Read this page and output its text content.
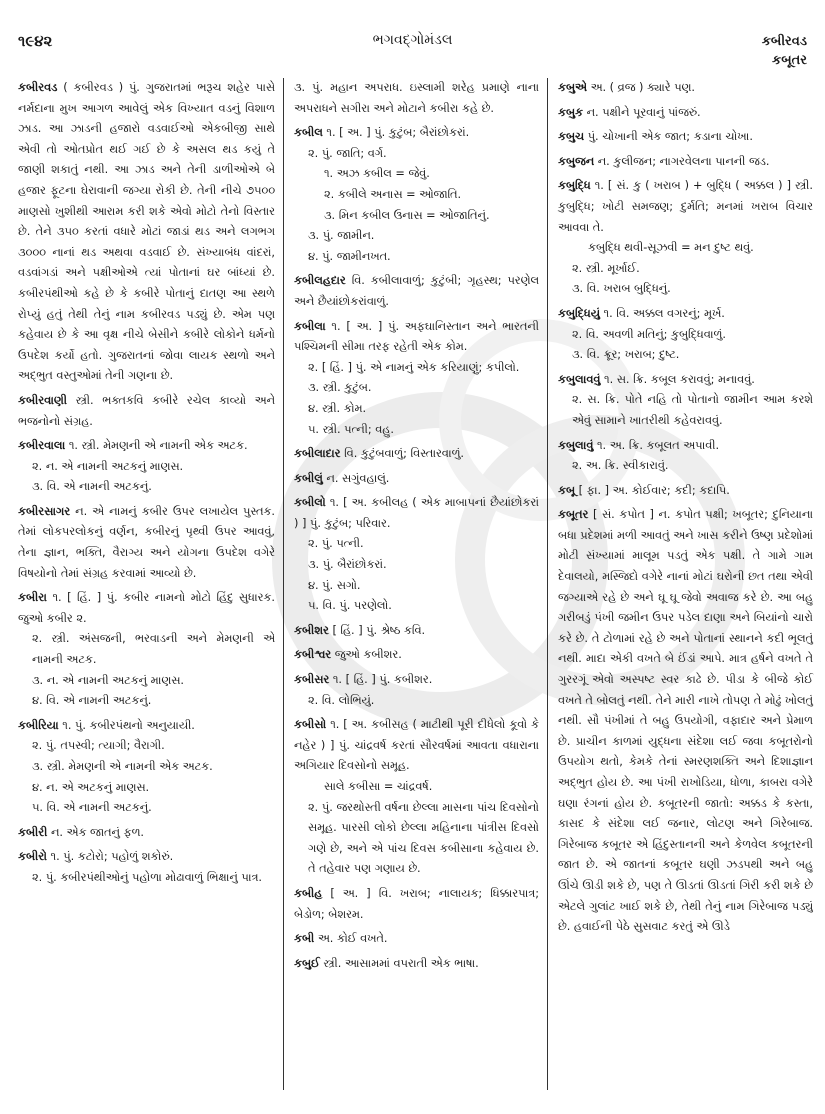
૧૯૪૨	ભગવદ્ગોમંડલ	કબીરવડ
કબૂતર

કબીરવડ ( કબીરવડ ) પું. ગુજરાતમાં ભરૂચ શહેર પાસે નર્મદાના મુખ આગળ આવેલું એક વિખ્યાત વડનું વિશાળ ઝાડ. આ ઝાડની હજારો વડવાઈઓ એકબીજી સાથે એવી તો ઓતપ્રોત થઈ ગઈ છે કે અસલ થડ કયું તે જાણી શકાતું નથી. આ ઝાડ અને તેની ડાળીઓએ બે હજાર ફૂટના ઘેરાવાની જગ્યા રોકી છે. તેની નીચે ૭૫૦૦ માણસો ખુશીથી આરામ કરી શકે એવો મોટો તેનો વિસ્તાર છે. તેને ૩૫૦ કરતાં વધારે મોટાં જાડાં થડ અને લગભગ ૩૦૦૦ નાનાં થડ અથવા વડવાઈ છે. સંખ્યાબંધ વાંદરાં, વડવાંગડાં અને પક્ષીઓએ ત્યાં પોતાનાં ઘર બાંધ્યાં છે. કબીરપંથીઓ કહે છે કે કબીરે પોતાનું દાતણ આ સ્થળે રોપ્યું હતું તેથી તેનું નામ કબીરવડ પડ્યું છે. એમ પણ કહેવાય છે કે આ વૃક્ષ નીચે બેસીને કબીરે લોકોને ધર્મનો ઉપદેશ કર્યો હતો. ગુજરાતનાં જોવા લાયક સ્થળો અને અદ્ભુત વસ્તુઓમાં તેની ગણના છે.

કબીરવાણી સ્ત્રી. ભક્તકવિ કબીરે રચેલ કાવ્યો અને ભજનોનો સંગ્રહ.

કબીરવાલા ૧. સ્ત્રી. મેમણની એ નામની એક અટક.

૨. ન. એ નામની અટકનું માણસ.

૩. વિ. એ નામની અટકનું.

કબીરસાગર ન. એ નામનું કબીર ઉપર લખાયેલ પુસ્તક. તેમાં લોકપરલોકનું વર્ણન, કબીરનું પૃથ્વી ઉપર આવવું, તેના જ્ઞાન, ભક્તિ, વૈરાગ્ય અને યોગના ઉપદેશ વગેરે વિષયોનો તેમાં સંગ્રહ કરવામાં આવ્યો છે.

કબીરા ૧. [ હિં. ] પું. કબીર નામનો મોટો હિંદુ સુધારક. જુઓ કબીર ૨.

૨. સ્ત્રી. અંસજની, ભરવાડની અને મેમણની એ નામની અટક.

૩. ન. એ નામની અટકનું માણસ.

૪. વિ. એ નામની અટકનું.

કબીરિયા ૧. પું. કબીરપંથનો અનુયાયી.

૨. પું. તપસ્વી; ત્યાગી; વૈરાગી.

૩. સ્ત્રી. મેમણની એ નામની એક અટક.

૪. ન. એ અટકનું માણસ.

૫. વિ. એ નામની અટકનું.

કબીરી ન. એક જાતનું ફળ.

કબીરો ૧. પું. કટોરો; પહોળું શકોરું.

૨. પું. કબીરપંથીઓનું પહોળા મોઢાવાળું ભિક્ષાનું પાત્ર.

૩. પું. મહાન અપરાધ. ઇસ્લામી શરેહ પ્રમાણે નાના અપરાધને સગીરા અને મોટાને કબીરા કહે છે.

કબીલ ૧. [ અ. ] પું. કુટુંબ; બૈરાંછોકરાં.

૨. પું. જાતિ; વર્ગ.

૧. અઝ કબીલ = જેવું.

૨. કબીલે અનાસ = ઓજાતિ.

૩. મિન કબીલ ઉનાસ = ઓજાતિનું.

૩. પું. જામીન.

૪. પું. જામીનખત.

કબીલહદાર વિ. કબીલાવાળું; કુટુંબી; ગૃહસ્થ; પરણેલ અને છૈયાંછોકરાંવાળું.

કબીલા ૧. [ અ. ] પું. અફઘાનિસ્તાન અને ભારતની પશ્ચિમની સીમા તરફ રહેતી એક કોમ.

૨. [ હિં. ] પું. એ નામનું એક કરિયાણું; કપીલો.

૩. સ્ત્રી. કુટુંબ.

૪. સ્ત્રી. કોમ.

૫. સ્ત્રી. પત્ની; વહુ.

કબીલાદાર વિ. કુટુંબવાળું; વિસ્તારવાળું.

કબીલું ન. સગુંવહાલું.

કબીલો ૧. [ અ. કબીલહ ( એક માબાપનાં છૈયાંછોકરાં ) ] પું. કુટુંબ; પરિવાર.

૨. પું. પત્ની.

૩. પું. બૈરાંછોકરાં.

૪. પું. સગો.

૫. વિ. પું. પરણેલો.

કબીશર [ હિં. ] પું. શ્રેષ્ઠ કવિ.

કબીશ્વર જુઓ કબીશર.

કબીસર ૧. [ હિં. ] પું. કબીશર.

૨. વિ. લોભિયું.

કબીસો ૧. [ અ. કબીસહ ( માટીથી પૂરી દીધેલો કૂવો કે નહેર ) ] પું. ચાંદ્રવર્ષ કરતાં સૌરવર્ષમાં આવતા વધારાના અગિયાર દિવસોનો સમૂહ.

સાલે કબીસા = ચાંદ્રવર્ષ.

૨. પું. જરથોસ્તી વર્ષના છેલ્લા માસના પાંચ દિવસોનો સમૂહ. પારસી લોકો છેલ્લા મહિનાના પાંત્રીસ દિવસો ગણે છે, અને એ પાંચ દિવસ કબીસાના કહેવાય છે. તે તહેવાર પણ ગણાય છે.

કબીહ [ અ. ] વિ. ખરાબ; નાલાયક; ધિક્કારપાત્ર; બેડોળ; બેશરમ.

કબી અ. કોઈ વખતે.

કબુઈ સ્ત્રી. આસામમાં વપરાતી એક ભાષા.

કબુએ અ. ( વ્રજ ) ક્યારે પણ.

કબુક ન. પક્ષીને પૂરવાનું પાંજરું.

કબુચ પું. ચોખાની એક જાત; કડાના ચોખા.

કબુજન ન. કુલીજન; નાગરવેલના પાનની જડ.

કબુદ્ધિ ૧. [ સં. કુ ( ખરાબ ) + બુદ્ધિ ( અક્કલ ) ] સ્ત્રી. કુબુદ્ધિ; ખોટી સમજણ; દુર્મતિ; મનમાં ખરાબ વિચાર આવવા તે.

કબુદ્ધિ થવી-સૂઝવી = મન દુષ્ટ થવું.

૨. સ્ત્રી. મૂર્ખાઈ.

૩. વિ. ખરાબ બુદ્ધિનું.

કબુદ્ધિયું ૧. વિ. અક્કલ વગરનું; મૂર્ખ.

૨. વિ. અવળી મતિનું; કુબુદ્ધિવાળું.

૩. વિ. ક્રૂર; ખરાબ; દુષ્ટ.

કબુલાવવું ૧. સ. ક્રિ. કબૂલ કરાવવું; મનાવવું.

૨. સ. ક્રિ. પોતે નહિ તો પોતાનો જામીન આમ કરશે એવું સામાને ખાતરીથી કહેવરાવવું.

કબુલાવું ૧. અ. ક્રિ. કબૂલત અપાવી.

૨. અ. ક્રિ. સ્વીકારાવું.

કબૂ [ ફા. ] અ. કોઈવાર; કદી; કદાપિ.

કબૂતર [ સં. કપોત ] ન. કપોત પક્ષી; ખબૂતર; દુનિયાના બધા પ્રદેશમાં મળી આવતું અને ખાસ કરીને ઉષ્ણ પ્રદેશોમાં મોટી સંખ્યામાં માલૂમ પડતું એક પક્ષી. તે ગામે ગામ દેવાલયો, મસ્જિદો વગેરે નાનાં મોટાં ઘરોની છત તથા એવી જગ્યાએ રહે છે અને ઘૂ ઘૂ જેવો અવાજ કરે છે. આ બહુ ગરીબડું પંખી જમીન ઉપર પડેલ દાણા અને બિયાંનો ચારો કરે છે. તે ટોળામાં રહે છે અને પોતાનાં સ્થાનને કદી ભૂલતું નથી. માદા એકી વખતે બે ઈંડાં આપે. માત્ર હર્ષને વખતે તે ગુરરગૂં એવો અસ્પષ્ટ સ્વર કાઢે છે. પીડા કે બીજે કોઈ વખતે તે બોલતું નથી. તેને મારી નાખે તોપણ તે મોઢું ખોલતું નથી. સૌ પંખીમાં તે બહુ ઉપયોગી, વફાદાર અને પ્રેમાળ છે. પ્રાચીન કાળમાં યુદ્ધના સંદેશા લઈ જવા કબૂતરોનો ઉપયોગ થતો, કેમકે તેનાં સ્મરણશક્તિ અને દિશાજ્ઞાન અદ્ભુત હોય છે. આ પંખી રાખોડિયા, ધોળા, કાબરા વગેરે ઘણા રંગનાં હોય છે. કબૂતરની જાતો: અક્કડ કે કસ્તા, કાસદ કે સંદેશા લઈ જનાર, લોટણ અને ગિરેબાજ. ગિરેબાજ કબૂતર એ હિંદુસ્તાનની અને કેળવેલ કબૂતરની જાત છે. એ જાતનાં કબૂતર ઘણી ઝડપથી અને બહુ ઊંચે ઊડી શકે છે, પણ તે ઊડતાં ઊડતાં ગિરી કરી શકે છે એટલે ગુલાંટ ખાઈ શકે છે, તેથી તેનું નામ ગિરેબાજ પડ્યું છે. હવાઈની પેઠે સુસવાટ કરતું એ ઊડે
